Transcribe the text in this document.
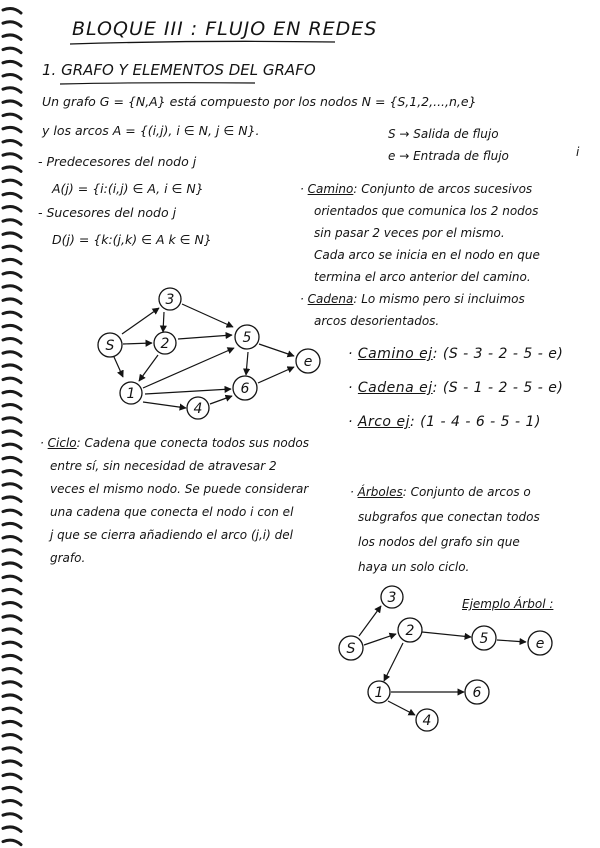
BLOQUE III : FLUJO EN REDES
1. GRAFO Y ELEMENTOS DEL GRAFO
Un grafo G = {N,A} está compuesto por los nodos N = {S,1,2,...,n,e}
y los arcos A = {(i,j), i ∈ N, j ∈ N}.	S → Salida de flujo
e → Entrada de flujo	i
- Predecesores del nodo j
A(j) = {i:(i,j) ∈ A, i ∈ N}
- Sucesores del nodo j
D(j) = {k:(j,k) ∈ A k ∈ N}
· Camino: Conjunto de arcos sucesivos
orientados que comunica los 2 nodos
sin pasar 2 veces por el mismo.
Cada arco se inicia en el nodo en que
termina el arco anterior del camino.
· Cadena: Lo mismo pero si incluimos
arcos desorientados.
· Camino ej: (S - 3 - 2 - 5 - e)
· Cadena ej: (S - 1 - 2 - 5 - e)
· Arco ej: (1 - 4 - 6 - 5 - 1)
3
S	2	5
1	6
4
e
3
S
2	5	e
1	6
4
· Ciclo: Cadena que conecta todos sus nodos
entre sí, sin necesidad de atravesar 2
veces el mismo nodo. Se puede considerar
una cadena que conecta el nodo i con el
j que se cierra añadiendo el arco (j,i) del
grafo.
· Árboles: Conjunto de arcos o
subgrafos que conectan todos
los nodos del grafo sin que
haya un solo ciclo.
Ejemplo Árbol :
